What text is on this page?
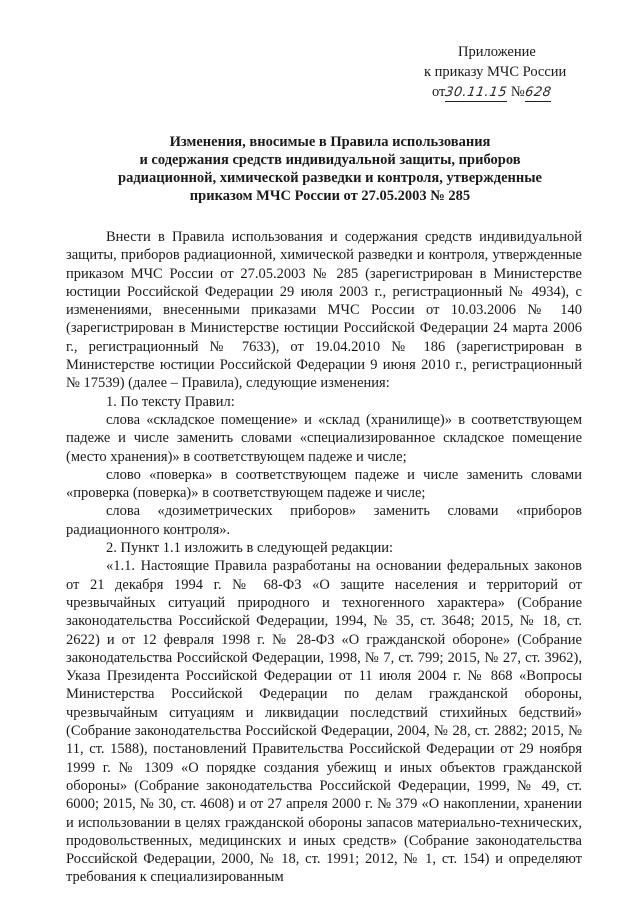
Приложение
к приказу МЧС России
от30.11.15 №628
Изменения, вносимые в Правила использования
и содержания средств индивидуальной защиты, приборов
радиационной, химической разведки и контроля, утвержденные
приказом МЧС России от 27.05.2003 № 285

Внести в Правила использования и содержания средств индивидуальной защиты, приборов радиационной, химической разведки и контроля, утвержденные приказом МЧС России от 27.05.2003 № 285 (зарегистрирован в Министерстве юстиции Российской Федерации 29 июля 2003 г., регистрационный № 4934), с изменениями, внесенными приказами МЧС России от 10.03.2006 № 140 (зарегистрирован в Министерстве юстиции Российской Федерации 24 марта 2006 г., регистрационный № 7633), от 19.04.2010 № 186 (зарегистрирован в Министерстве юстиции Российской Федерации 9 июня 2010 г., регистрационный № 17539) (далее – Правила), следующие изменения:

1. По тексту Правил:

слова «складское помещение» и «склад (хранилище)» в соответствующем падеже и числе заменить словами «специализированное складское помещение (место хранения)» в соответствующем падеже и числе;

слово «поверка» в соответствующем падеже и числе заменить словами «проверка (поверка)» в соответствующем падеже и числе;

слова «дозиметрических приборов» заменить словами «приборов радиационного контроля».

2. Пункт 1.1 изложить в следующей редакции:

«1.1. Настоящие Правила разработаны на основании федеральных законов от 21 декабря 1994 г. № 68-ФЗ «О защите населения и территорий от чрезвычайных ситуаций природного и техногенного характера» (Собрание законодательства Российской Федерации, 1994, № 35, ст. 3648; 2015, № 18, ст. 2622) и от 12 февраля 1998 г. № 28-ФЗ «О гражданской обороне» (Собрание законодательства Российской Федерации, 1998, № 7, ст. 799; 2015, № 27, ст. 3962), Указа Президента Российской Федерации от 11 июля 2004 г. № 868 «Вопросы Министерства Российской Федерации по делам гражданской обороны, чрезвычайным ситуациям и ликвидации последствий стихийных бедствий» (Собрание законодательства Российской Федерации, 2004, № 28, ст. 2882; 2015, № 11, ст. 1588), постановлений Правительства Российской Федерации от 29 ноября 1999 г. № 1309 «О порядке создания убежищ и иных объектов гражданской обороны» (Собрание законодательства Российской Федерации, 1999, № 49, ст. 6000; 2015, № 30, ст. 4608) и от 27 апреля 2000 г. № 379 «О накоплении, хранении и использовании в целях гражданской обороны запасов материально-технических, продовольственных, медицинских и иных средств» (Собрание законодательства Российской Федерации, 2000, № 18, ст. 1991; 2012, № 1, ст. 154) и определяют требования к специализированным
